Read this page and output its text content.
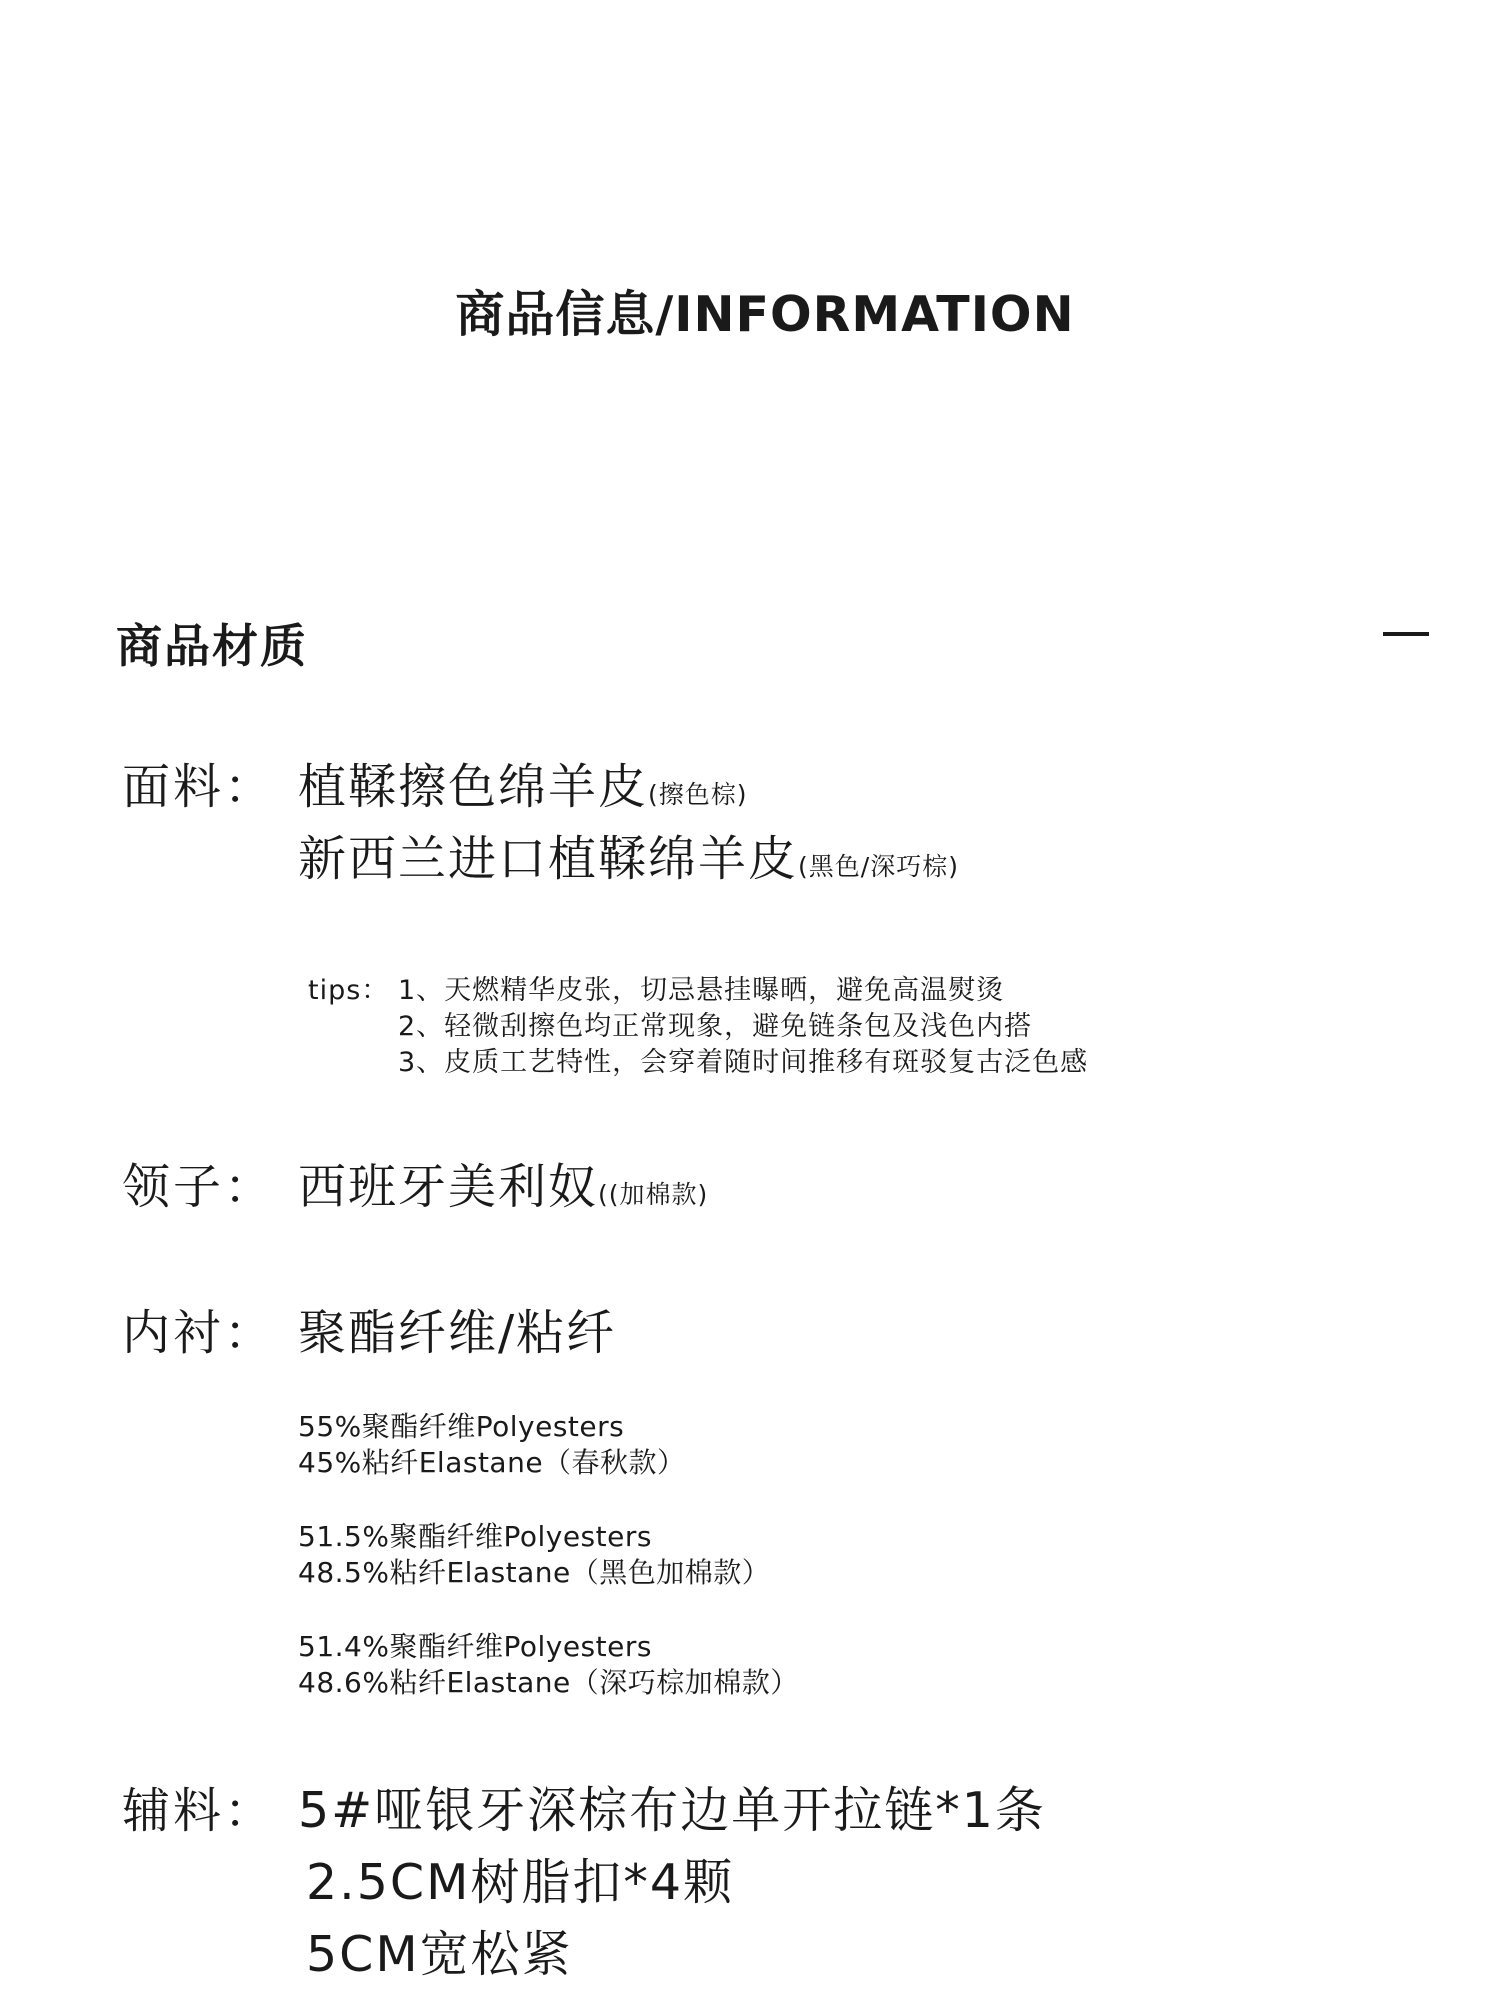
商品信息/INFORMATION
商品材质
面料： 植鞣擦色绵羊皮(擦色棕)
新西兰进口植鞣绵羊皮(黑色/深巧棕)
tips： 1、天燃精华皮张，切忌悬挂曝晒，避免高温熨烫
2、轻微刮擦色均正常现象，避免链条包及浅色内搭
3、皮质工艺特性，会穿着随时间推移有斑驳复古泛色感
领子： 西班牙美利奴((加棉款)
内衬： 聚酯纤维/粘纤
55%聚酯纤维Polyesters
45%粘纤Elastane（春秋款）
51.5%聚酯纤维Polyesters
48.5%粘纤Elastane（黑色加棉款）
51.4%聚酯纤维Polyesters
48.6%粘纤Elastane（深巧棕加棉款）
辅料： 5#哑银牙深棕布边单开拉链*1条
2.5CM树脂扣*4颗
5CM宽松紧
